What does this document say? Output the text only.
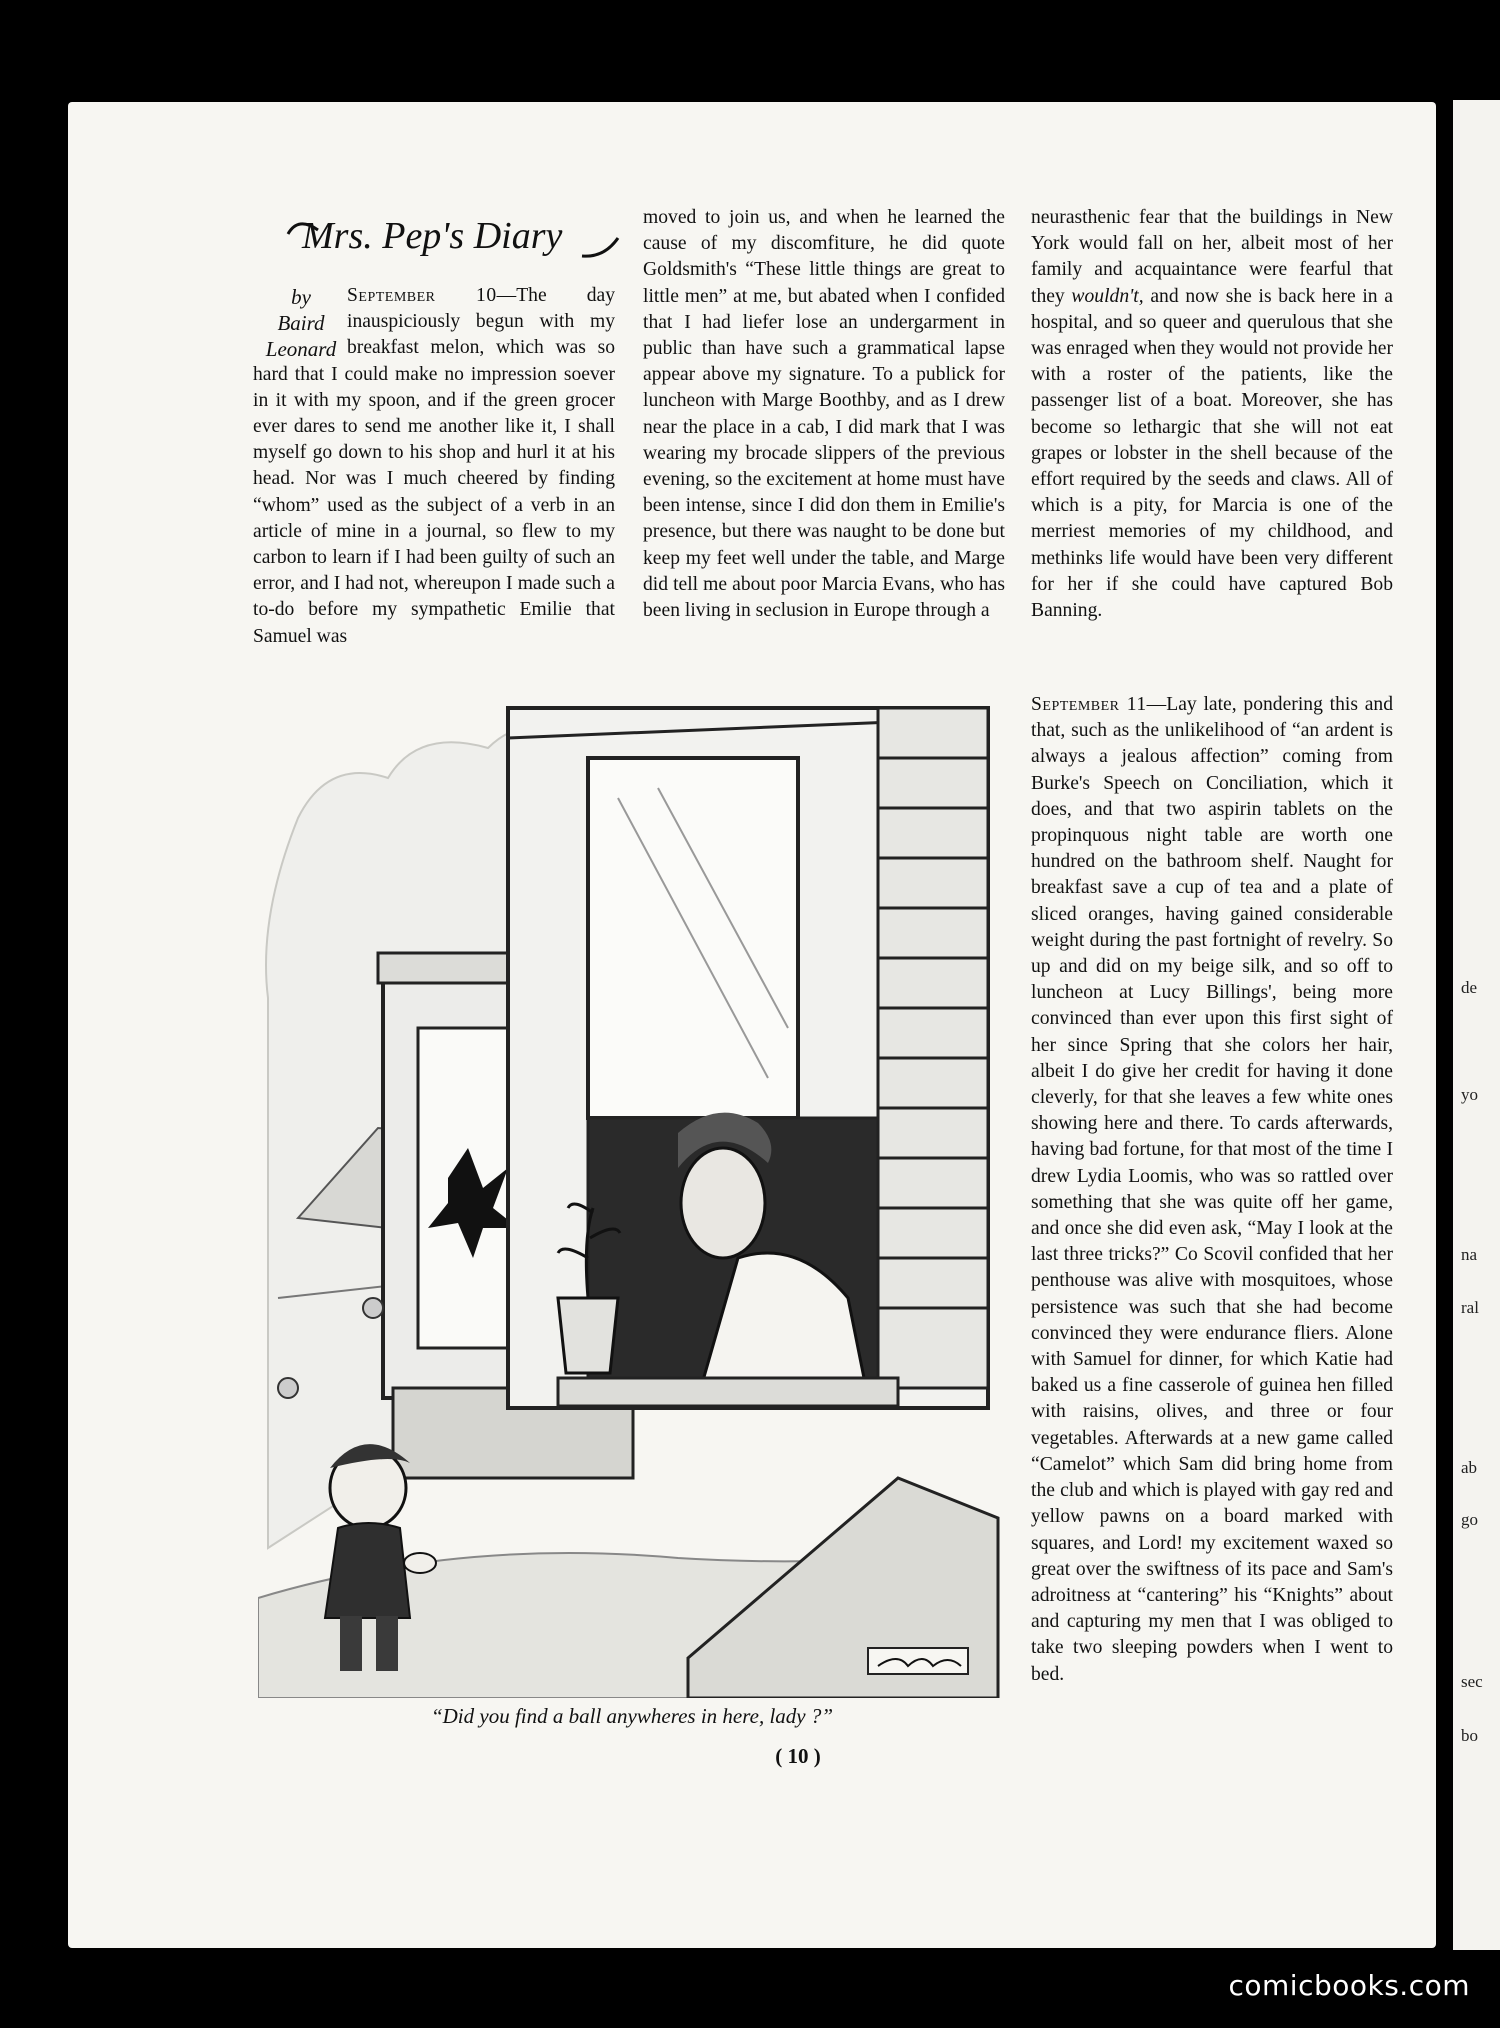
de
yo
na
ral
ab
go
sec
bo
Mrs. Pep's Diary
by
Baird
Leonard

September 10—The day inauspiciously begun with my breakfast melon, which was so hard that I could make no impression soever in it with my spoon, and if the green grocer ever dares to send me another like it, I shall myself go down to his shop and hurl it at his head. Nor was I much cheered by finding “whom” used as the subject of a verb in an article of mine in a journal, so flew to my carbon to learn if I had been guilty of such an error, and I had not, whereupon I made such a to-do before my sympathetic Emilie that Samuel was

moved to join us, and when he learned the cause of my discomfiture, he did quote Goldsmith's “These little things are great to little men” at me, but abated when I confided that I had liefer lose an undergarment in public than have such a grammatical lapse appear above my signature. To a publick for luncheon with Marge Boothby, and as I drew near the place in a cab, I did mark that I was wearing my brocade slippers of the previous evening, so the excitement at home must have been intense, since I did don them in Emilie's presence, but there was naught to be done but keep my feet well under the table, and Marge did tell me about poor Marcia Evans, who has been living in seclusion in Europe through a

neurasthenic fear that the buildings in New York would fall on her, albeit most of her family and acquaintance were fearful that they wouldn't, and now she is back here in a hospital, and so queer and querulous that she was enraged when they would not provide her with a roster of the patients, like the passenger list of a boat. Moreover, she has become so lethargic that she will not eat grapes or lobster in the shell because of the effort required by the seeds and claws. All of which is a pity, for Marcia is one of the merriest memories of my childhood, and methinks life would have been very different for her if she could have captured Bob Banning.

September 11—Lay late, pondering this and that, such as the unlikelihood of “an ardent is always a jealous affection” coming from Burke's Speech on Conciliation, which it does, and that two aspirin tablets on the propinquous night table are worth one hundred on the bathroom shelf. Naught for breakfast save a cup of tea and a plate of sliced oranges, having gained considerable weight during the past fortnight of revelry. So up and did on my beige silk, and so off to luncheon at Lucy Billings', being more convinced than ever upon this first sight of her since Spring that she colors her hair, albeit I do give her credit for having it done cleverly, for that she leaves a few white ones showing here and there. To cards afterwards, having bad fortune, for that most of the time I drew Lydia Loomis, who was so rattled over something that she was quite off her game, and once she did even ask, “May I look at the last three tricks?” Co Scovil confided that her penthouse was alive with mosquitoes, whose persistence was such that she had become convinced they were endurance fliers. Alone with Samuel for dinner, for which Katie had baked us a fine casserole of guinea hen filled with raisins, olives, and three or four vegetables. Afterwards at a new game called “Camelot” which Sam did bring home from the club and which is played with gay red and yellow pawns on a board marked with squares, and Lord! my excitement waxed so great over the swiftness of its pace and Sam's adroitness at “cantering” his “Knights” about and capturing my men that I was obliged to take two sleeping powders when I went to bed.

“Did you find a ball anywheres in here, lady ?”
( 10 )
comicbooks.com
